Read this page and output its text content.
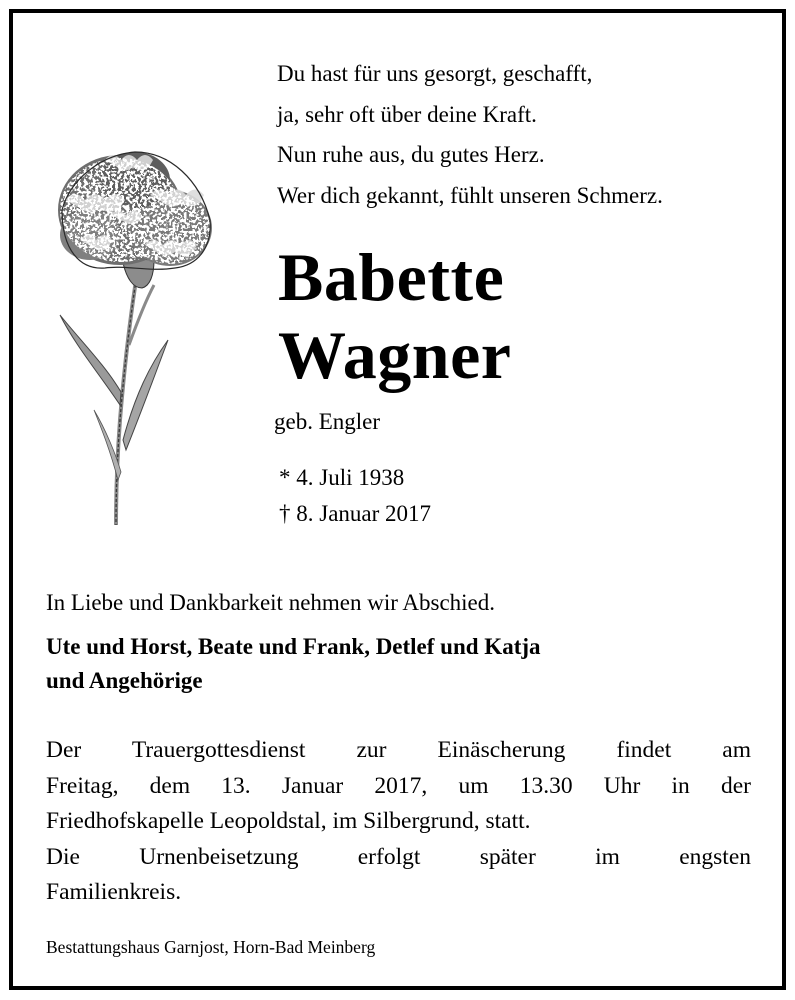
Du hast für uns gesorgt, geschafft,
ja, sehr oft über deine Kraft.
Nun ruhe aus, du gutes Herz.
Wer dich gekannt, fühlt unseren Schmerz.
Babette
Wagner
geb. Engler
* 4. Juli 1938
† 8. Januar 2017
In Liebe und Dankbarkeit nehmen wir Abschied.
Ute und Horst, Beate und Frank, Detlef und Katja
und Angehörige
Der Trauergottesdienst zur Einäscherung findet am
Freitag, dem 13. Januar 2017, um 13.30 Uhr in der
Friedhofskapelle Leopoldstal, im Silbergrund, statt.
Die Urnenbeisetzung erfolgt später im engsten
Familienkreis.
Bestattungshaus Garnjost, Horn-Bad Meinberg
